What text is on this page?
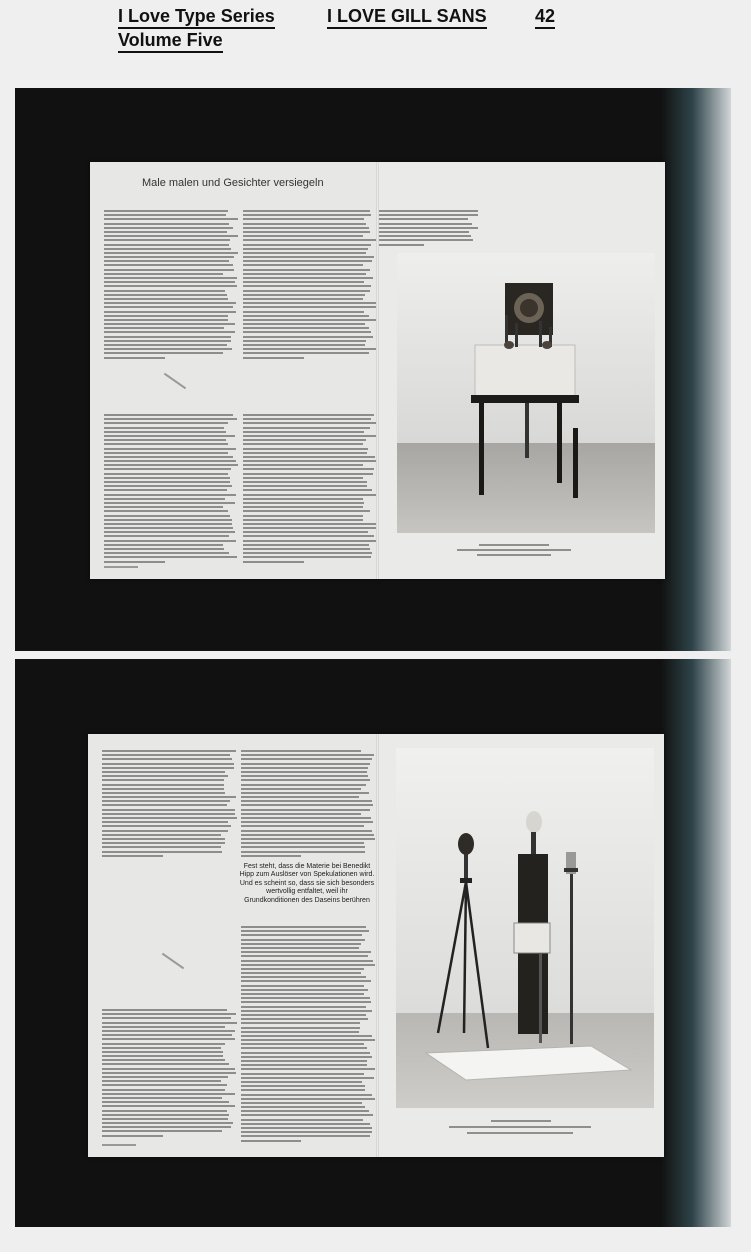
I Love Type Series
Volume Five
I LOVE GILL SANS	42
Male malen und Gesichter versiegeln
Fest steht, dass die Materie bei Benedikt Hipp zum Auslöser von Spekulationen wird. Und es scheint so, dass sie sich besonders wertvollig entfaltet, weil ihr Grundkonditionen des Daseins berühren
